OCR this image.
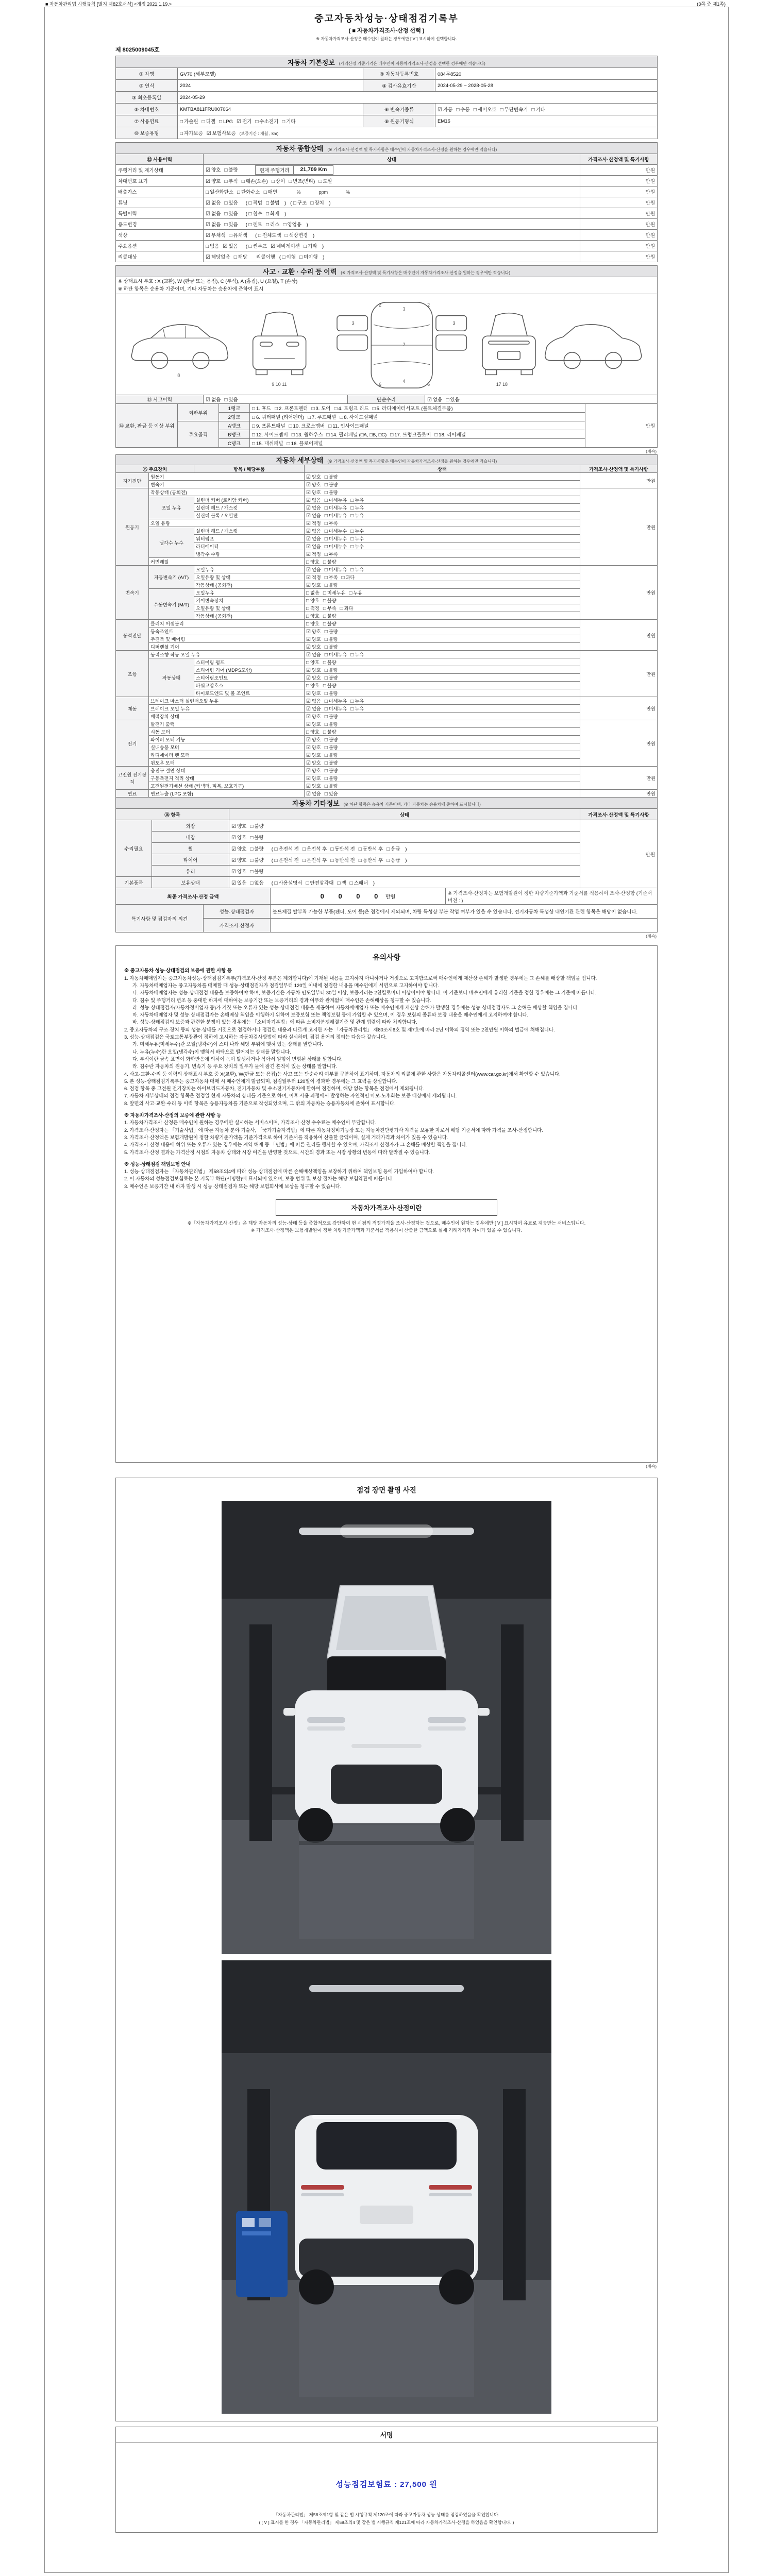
■ 자동차관리법 시행규칙 [별지 제82호서식] <개정 2021.1.19.>	(3쪽 중 제1쪽)
중고자동차성능·상태점검기록부
( ■ 자동차가격조사·산정 선택 )
※ 자동차가격조사·산정은 매수인이 원하는 경우에만 [ V ] 표시하여 선택합니다.
제 8025009045호
자동차 기본정보 (가격산정 기준가격은 매수인이 자동차가격조사·산정을 선택한 경우에만 적습니다)			
① 차명	GV70 (세부모델)	⑨ 자동차등록번호	084무8520
② 연식	2024	④ 검사유효기간	2024-05-29 ~ 2028-05-28
③ 최초등록일	2024-05-29		
⑤ 차대번호	KMTBA811FRU007064	⑥ 변속기종류	☑ 자동 □ 수동 □ 세미오토 □ 무단변속기 □ 기타
⑦ 사용연료	□ 가솔린 □ 디젤 □ LPG ☑ 전기 □ 수소전기 □ 기타	⑧ 원동기형식	EM16
⑩ 보증유형	□ 자가보증 ☑ 보험사보증 (보증기간 : 개월 , km)		
자동차 종합상태 (※ 가격조사·산정액 및 특기사항은 매수인이 자동차가격조사·산정을 원하는 경우에만 적습니다)		
⑫ 사용이력	상태	가격조사·산정액 및 특기사항
주행거리 및 계기상태	☑ 양호 □ 불량 현재 주행거리 21,709 Km	만원
차대번호 표기	☑ 양호 □ 부식 □ 훼손(오손) □ 상이 □ 변조(변타) □ 도말	만원
배출가스	□ 일산화탄소 □ 탄화수소 □ 매연         %              ppm              %	만원
튜닝	☑ 없음 □ 있음 ( □ 적법 □ 불법 ) ( □ 구조 □ 장치 )	만원
특별이력	☑ 없음 □ 있음 ( □ 침수 □ 화재 )	만원
용도변경	☑ 없음 □ 있음 ( □ 렌트 □ 리스 □ 영업용 )	만원
색상	☑ 무채색 □ 유채색 ( □ 전체도색 □ 색상변경 )	만원
주요옵션	□ 없음 ☑ 있음 ( □ 썬루프 ☑ 네비게이션 □ 기타 )	만원
리콜대상	☑ 해당없음 □ 해당 리콜이행 ( □ 이행 □ 미이행 )	만원
사고 · 교환 · 수리 등 이력 (※ 가격조사·산정액 및 특기사항은 매수인이 자동차가격조사·산정을 원하는 경우에만 적습니다)

※ 상태표시 부호 : X (교환), W (판금 또는 용접), C (부식), A (흠집), U (요철), T (손상)
※ 하단 항목은 승용차 기준이며, 기타 자동차는 승용차에 준하여 표시

1
7
4
3	3
2	2
6	6
9 10 11	17 18
8

⑬ 사고이력	☑ 없음 □ 있음	단순수리	☑ 없음 □ 있음
⑭ 교환, 판금 등 이상 부위	외판부위	1랭크	□ 1. 후드 □ 2. 프론트펜더 □ 3. 도어 □ 4. 트렁크 리드 □ 5. 라디에이터서포트 (볼트체결부품)	만원
		2랭크	□ 6. 쿼터패널 (리어펜더) □ 7. 루프패널 □ 8. 사이드실패널	
	주요골격	A랭크	□ 9. 프론트패널 □ 10. 크로스멤버 □ 11. 인사이드패널	
		B랭크	□ 12. 사이드멤버 □ 13. 휠하우스 □ 14. 필러패널 (□A, □B, □C) □ 17. 트렁크플로어 □ 18. 리어패널	
		C랭크	□ 15. 대쉬패널 □ 16. 플로어패널	
(계속)
자동차 세부상태 (※ 가격조사·산정액 및 특기사항은 매수인이 자동차가격조사·산정을 원하는 경우에만 적습니다)				
⑮ 주요장치		항목 / 해당부품	상태	가격조사·산정액 및 특기사항
자기진단	원동기		☑ 양호 □ 불량	만원
	변속기		☑ 양호 □ 불량	
원동기	작동상태 (공회전)		☑ 양호 □ 불량	만원
	오일 누유	실린더 커버 (로커암 커버)	☑ 없음 □ 미세누유 □ 누유	
		실린더 헤드 / 개스킷	☑ 없음 □ 미세누유 □ 누유	
		실린더 블록 / 오일팬	☑ 없음 □ 미세누유 □ 누유	
	오일 유량		☑ 적정 □ 부족	
	냉각수 누수	실린더 헤드 / 개스킷	☑ 없음 □ 미세누수 □ 누수	
		워터펌프	☑ 없음 □ 미세누수 □ 누수	
		라디에이터	☑ 없음 □ 미세누수 □ 누수	
		냉각수 수량	☑ 적정 □ 부족	
	커먼레일		□ 양호 □ 불량	
변속기	자동변속기 (A/T)	오일누유	☑ 없음 □ 미세누유 □ 누유	만원
		오일유량 및 상태	☑ 적정 □ 부족 □ 과다	
		작동상태 (공회전)	☑ 양호 □ 불량	
	수동변속기 (M/T)	오일누유	□ 없음 □ 미세누유 □ 누유	
		기어변속장치	□ 양호 □ 불량	
		오일유량 및 상태	□ 적정 □ 부족 □ 과다	
		작동상태 (공회전)	□ 양호 □ 불량	
동력전달	클러치 어셈블리		□ 양호 □ 불량	만원
	등속조인트		☑ 양호 □ 불량	
	추진축 및 베어링		☑ 양호 □ 불량	
	디퍼렌셜 기어		☑ 양호 □ 불량	
조향	동력조향 작동 오일 누유		☑ 없음 □ 미세누유 □ 누유	만원
	작동상태	스티어링 펌프	□ 양호 □ 불량	
		스티어링 기어 (MDPS포함)	☑ 양호 □ 불량	
		스티어링조인트	☑ 양호 □ 불량	
		파워고압호스	□ 양호 □ 불량	
		타이로드엔드 및 볼 조인트	☑ 양호 □ 불량	
제동	브레이크 마스터 실린더오일 누유		☑ 없음 □ 미세누유 □ 누유	만원
	브레이크 오일 누유		☑ 없음 □ 미세누유 □ 누유	
	배력장치 상태		☑ 양호 □ 불량	
전기	발전기 출력		☑ 양호 □ 불량	만원
	시동 모터		□ 양호 □ 불량	
	와이퍼 모터 기능		☑ 양호 □ 불량	
	실내송풍 모터		☑ 양호 □ 불량	
	라디에이터 팬 모터		☑ 양호 □ 불량	
	윈도우 모터		☑ 양호 □ 불량	
고전원 전기장치	충전구 절연 상태		☑ 양호 □ 불량	만원
	구동축전지 격리 상태		☑ 양호 □ 불량	
	고전원전기배선 상태 (커넥터, 피복, 보호기구)		☑ 양호 □ 불량	
연료	연료누출 (LPG 포함)		☑ 없음 □ 있음	만원
자동차 기타정보 (※ 하단 항목은 승용차 기준이며, 기타 자동차는 승용차에 준하여 표시합니다)			
⑯ 항목		상태	가격조사·산정액 및 특기사항
수리필요	외장	☑ 양호 □ 불량	만원
	내장	☑ 양호 □ 불량	
	휠	☑ 양호 □ 불량 ( □ 운전석 전 □ 운전석 후 □ 동반석 전 □ 동반석 후 □ 응급 )
	타이어	☑ 양호 □ 불량 ( □ 운전석 전 □ 운전석 후 □ 동반석 전 □ 동반석 후 □ 응급 )
	유리	☑ 양호 □ 불량	
기본품목	보유상태	☑ 있음 □ 없음 ( □ 사용설명서 □ 안전삼각대 □ 잭 □ 스패너 )
최종 가격조사·산정 금액	0 0 0 0 만원	※ 가격조사·산정자는 보험개발원이 정한 차량기준가액과 기준서를 적용하여 조사·산정함 (기준서 버전 : )
특기사항 및 점검자의 의견	성능·상태점검자	볼트체결 탈부착 가능한 부품(펜더, 도어 등)은 점검에서 제외되며, 차량 특성상 부분 작업 여부가 있을 수 있습니다. 전기자동차 특성상 내연기관 관련 항목은 해당이 없습니다.
	가격조사·산정자	
(계속)
유의사항
※ 중고자동차 성능·상태점검의 보증에 관한 사항 등
1. 자동차매매업자는 중고자동차성능·상태점검기록부(가격조사·산정 부분은 제외합니다)에 기재된 내용을 고지하지 아니하거나 거짓으로 고지함으로써 매수인에게 재산상 손해가 발생한 경우에는 그 손해를 배상할 책임을 집니다.
가. 자동차매매업자는 중고자동차를 매매할 때 성능·상태점검자가 점검일부터 120일 이내에 점검한 내용을 매수인에게 서면으로 고지하여야 합니다.
나. 자동차매매업자는 성능·상태점검 내용을 보증하여야 하며, 보증기간은 자동차 인도일부터 30일 이상, 보증거리는 2천킬로미터 이상이어야 합니다. 이 기준보다 매수인에게 유리한 기준을 정한 경우에는 그 기준에 따릅니다.
다. 침수 및 주행거리 변조 등 중대한 하자에 대하여는 보증기간 또는 보증거리의 경과 여부와 관계없이 매수인은 손해배상을 청구할 수 있습니다.
라. 성능·상태점검자(자동차정비업자 등)가 거짓 또는 오류가 있는 성능·상태점검 내용을 제공하여 자동차매매업자 또는 매수인에게 재산상 손해가 발생한 경우에는 성능·상태점검자도 그 손해를 배상할 책임을 집니다.
마. 자동차매매업자 및 성능·상태점검자는 손해배상 책임을 이행하기 위하여 보증보험 또는 책임보험 등에 가입할 수 있으며, 이 경우 보험의 종류와 보장 내용을 매수인에게 고지하여야 합니다.
바. 성능·상태점검의 보증과 관련한 분쟁이 있는 경우에는 「소비자기본법」에 따른 소비자분쟁해결기준 및 관계 법령에 따라 처리합니다.
2. 중고자동차의 구조·장치 등의 성능·상태를 거짓으로 점검하거나 점검한 내용과 다르게 고지한 자는 「자동차관리법」 제80조제6호 및 제7호에 따라 2년 이하의 징역 또는 2천만원 이하의 벌금에 처해집니다.
3. 성능·상태점검은 국토교통부장관이 정하여 고시하는 자동차검사방법에 따라 실시하며, 점검 용어의 정의는 다음과 같습니다.
가. 미세누유(미세누수)란 오일(냉각수)이 스며 나와 해당 부위에 맺혀 있는 상태를 말합니다.
나. 누유(누수)란 오일(냉각수)이 맺혀서 바닥으로 떨어지는 상태를 말합니다.
다. 부식이란 금속 표면이 화학반응에 의하여 녹이 발생하거나 삭아서 원형이 변형된 상태를 말합니다.
라. 침수란 자동차의 원동기, 변속기 등 주요 장치의 일부가 물에 잠긴 흔적이 있는 상태를 말합니다.
4. 사고·교환·수리 등 이력의 상태표시 부호 중 X(교환), W(판금 또는 용접)는 사고 또는 단순수리 여부를 구분하여 표기하며, 자동차의 리콜에 관한 사항은 자동차리콜센터(www.car.go.kr)에서 확인할 수 있습니다.
5. 본 성능·상태점검기록부는 중고자동차 매매 시 매수인에게 발급되며, 점검일부터 120일이 경과한 경우에는 그 효력을 상실합니다.
6. 점검 항목 중 고전원 전기장치는 하이브리드자동차, 전기자동차 및 수소전기자동차에 한하여 점검하며, 해당 없는 항목은 점검에서 제외됩니다.
7. 자동차 세부상태의 점검 항목은 점검일 현재 자동차의 상태를 기준으로 하며, 이후 사용 과정에서 발생하는 자연적인 마모·노후화는 보증 대상에서 제외됩니다.
8. 앞면의 사고·교환·수리 등 이력 항목은 승용자동차를 기준으로 작성되었으며, 그 밖의 자동차는 승용자동차에 준하여 표시합니다.
※ 자동차가격조사·산정의 보증에 관한 사항 등
1. 자동차가격조사·산정은 매수인이 원하는 경우에만 실시하는 서비스이며, 가격조사·산정 수수료는 매수인이 부담합니다.
2. 가격조사·산정자는 「기술사법」에 따른 자동차 분야 기술사, 「국가기술자격법」에 따른 자동차정비기능장 또는 자동차진단평가사 자격을 보유한 자로서 해당 기준서에 따라 가격을 조사·산정합니다.
3. 가격조사·산정액은 보험개발원이 정한 차량기준가액을 기준가격으로 하여 기준서를 적용하여 산출한 금액이며, 실제 거래가격과 차이가 있을 수 있습니다.
4. 가격조사·산정 내용에 허위 또는 오류가 있는 경우에는 계약 해제 등 「민법」에 따른 권리를 행사할 수 있으며, 가격조사·산정자가 그 손해를 배상할 책임을 집니다.
5. 가격조사·산정 결과는 가격산정 시점의 자동차 상태와 시장 여건을 반영한 것으로, 시간의 경과 또는 시장 상황의 변동에 따라 달라질 수 있습니다.
※ 성능·상태점검 책임보험 안내
1. 성능·상태점검자는 「자동차관리법」 제58조의4에 따라 성능·상태점검에 따른 손해배상책임을 보장하기 위하여 책임보험 등에 가입하여야 합니다.
2. 이 자동차의 성능점검보험료는 본 기록부 하단(서명란)에 표시되어 있으며, 보증 범위 및 보상 절차는 해당 보험약관에 따릅니다.
3. 매수인은 보증기간 내 하자 발생 시 성능·상태점검자 또는 해당 보험회사에 보상을 청구할 수 있습니다.
자동차가격조사·산정이란
※「자동차가격조사·산정」은 해당 자동차의 성능·상태 등을 종합적으로 감안하여 현 시점의 적정가격을 조사·산정하는 것으로, 매수인이 원하는 경우에만 [ V ] 표시하여 유료로 제공받는 서비스입니다.
※ 가격조사·산정액은 보험개발원이 정한 차량기준가액과 기준서를 적용하여 산출한 금액으로 실제 거래가격과 차이가 있을 수 있습니다.
(계속)
점검 장면 촬영 사진
서명
성능점검보험료 : 27,500 원
「자동차관리법」 제58조제1항 및 같은 법 시행규칙 제120조에 따라 중고자동차 성능·상태를 점검하였음을 확인합니다.
( [ V ] 표시를 한 경우 「자동차관리법」 제58조의4 및 같은 법 시행규칙 제121조에 따라 자동차가격조사·산정을 하였음을 확인합니다. )
